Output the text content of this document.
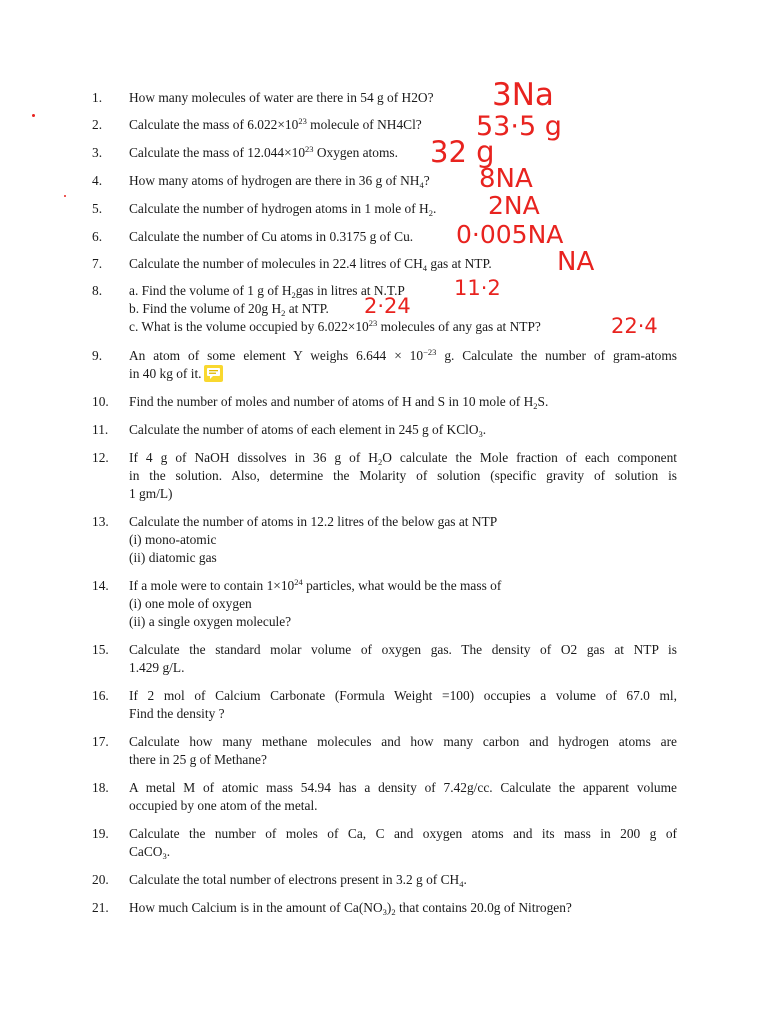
1.	How many molecules of water are there in 54 g of H2O?
2.	Calculate the mass of $6.022\times 10^{23}$ molecule of NH4Cl?
3.	Calculate the mass of $12.044\times 10^{23}$ Oxygen atoms.
4.	How many atoms of hydrogen are there in 36 g of $NH_4$?
5.	Calculate the number of hydrogen atoms in 1 mole of $H_2$.
6.	Calculate the number of Cu atoms in 0.3175 g of Cu.
7.	Calculate the number of molecules in 22.4 litres of $CH_4$ gas at NTP.
8.	a. Find the volume of 1 g of $H_2gas$ in litres at N.T.P
b. Find the volume of 20g $H_2$ at NTP.
c. What is the volume occupied by $6.022\times 10^{23}$ molecules of any gas at NTP?
9.	An atom of some element Y weighs $6.644 \times 10^{-23}$ g. Calculate the number of gram-atoms
in 40 kg of it.
10.	Find the number of moles and number of atoms of H and S in 10 mole of $H_2S$.
11.	Calculate the number of atoms of each element in 245 g of KClO$_3$.
12.	If 4 g of NaOH dissolves in 36 g of $H_2O$ calculate the Mole fraction of each component
in the solution. Also, determine the Molarity of solution (specific gravity of solution is
1 gm/L)
13.	Calculate the number of atoms in 12.2 litres of the below gas at NTP
(i) mono-atomic
(ii) diatomic gas
14.	If a mole were to contain $1\times 10^{24}$ particles, what would be the mass of
(i) one mole of oxygen
(ii) a single oxygen molecule?
15.	Calculate the standard molar volume of oxygen gas. The density of O2 gas at NTP is
1.429 g/L.
16.	If 2 mol of Calcium Carbonate (Formula Weight =100) occupies a volume of 67.0 ml,
Find the density ?
17.	Calculate how many methane molecules and how many carbon and hydrogen atoms are
there in 25 g of Methane?
18.	A metal M of atomic mass 54.94 has a density of 7.42g/cc. Calculate the apparent volume
occupied by one atom of the metal.
19.	Calculate the number of moles of Ca, C and oxygen atoms and its mass in 200 g of
CaCO$_3$.
20.	Calculate the total number of electrons present in 3.2 g of $CH_4$.
21.	How much Calcium is in the amount of $Ca(NO_3)_2$ that contains 20.0g of Nitrogen?
3Na
53·5 g
32 g
8NA
2NA
0·005NA
NA
11·2
2·24
22·4
